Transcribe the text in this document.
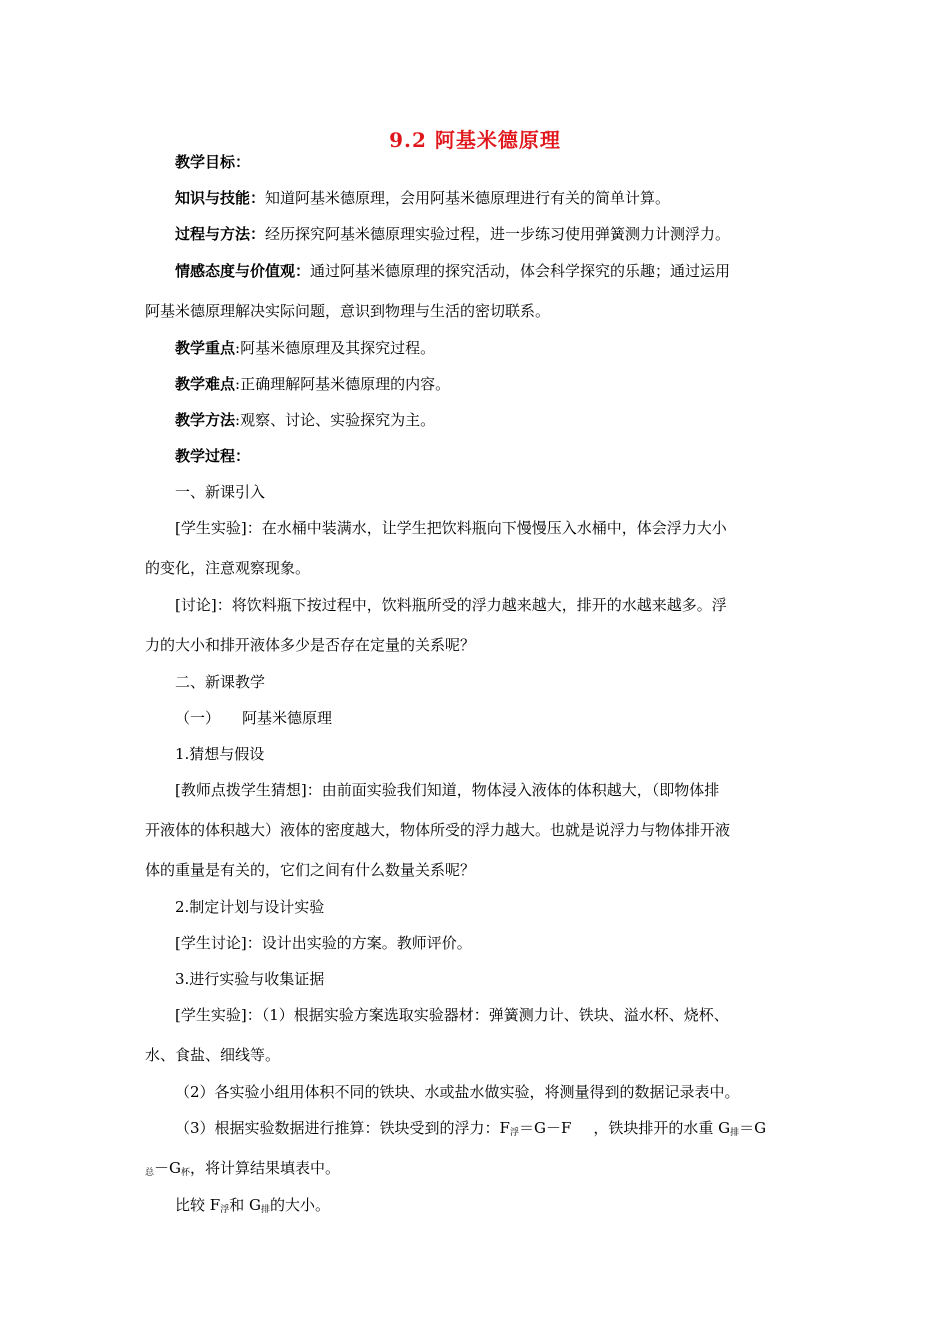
9.2 阿基米德原理
教学目标：
知识与技能：知道阿基米德原理，会用阿基米德原理进行有关的简单计算。
过程与方法：经历探究阿基米德原理实验过程，进一步练习使用弹簧测力计测浮力。
情感态度与价值观：通过阿基米德原理的探究活动，体会科学探究的乐趣；通过运用
阿基米德原理解决实际问题，意识到物理与生活的密切联系。
教学重点:阿基米德原理及其探究过程。
教学难点:正确理解阿基米德原理的内容。
教学方法:观察、讨论、实验探究为主。
教学过程：
一、新课引入
[学生实验]：在水桶中装满水，让学生把饮料瓶向下慢慢压入水桶中，体会浮力大小
的变化，注意观察现象。
[讨论]：将饮料瓶下按过程中，饮料瓶所受的浮力越来越大，排开的水越来越多。浮
力的大小和排开液体多少是否存在定量的关系呢？
二、新课教学
（一） 阿基米德原理
1.猜想与假设
[教师点拨学生猜想]：由前面实验我们知道，物体浸入液体的体积越大，（即物体排
开液体的体积越大）液体的密度越大，物体所受的浮力越大。也就是说浮力与物体排开液
体的重量是有关的，它们之间有什么数量关系呢？
2.制定计划与设计实验
[学生讨论]：设计出实验的方案。教师评价。
3.进行实验与收集证据
[学生实验]：（1）根据实验方案选取实验器材：弹簧测力计、铁块、溢水杯、烧杯、
水、食盐、细线等。
（2）各实验小组用体积不同的铁块、水或盐水做实验，将测量得到的数据记录表中。
（3）根据实验数据进行推算：铁块受到的浮力：$F_浮=G-F$ ，铁块排开的水重 $G_排=G$
$_总-G_杯$，将计算结果填表中。
比较 $F_浮$和 $G_排$的大小。
